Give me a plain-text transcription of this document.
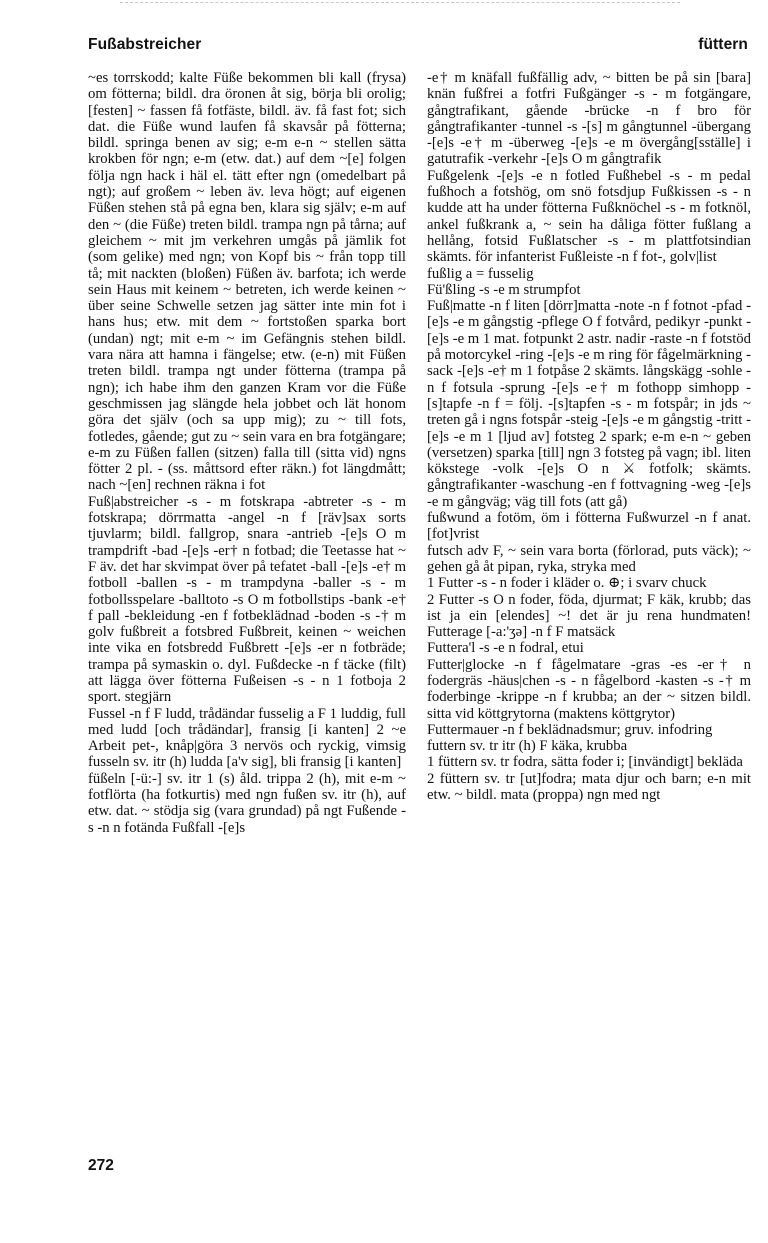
Fußabstreicher	füttern

~es torrskodd; kalte Füße bekommen bli kall (frysa) om fötterna; bildl. dra öronen åt sig, börja bli orolig; [festen] ~ fassen få fotfäste, bildl. äv. få fast fot; sich dat. die Füße wund laufen få skavsår på fötterna; bildl. springa benen av sig; e-m e-n ~ stellen sätta krokben för ngn; e-m (etw. dat.) auf dem ~[e] folgen följa ngn hack i häl el. tätt efter ngn (omedelbart på ngt); auf großem ~ leben äv. leva högt; auf eigenen Füßen stehen stå på egna ben, klara sig själv; e-m auf den ~ (die Füße) treten bildl. trampa ngn på tårna; auf gleichem ~ mit jm verkehren umgås på jämlik fot (som gelike) med ngn; von Kopf bis ~ från topp till tå; mit nackten (bloßen) Füßen äv. barfota; ich werde sein Haus mit keinem ~ betreten, ich werde keinen ~ über seine Schwelle setzen jag sätter inte min fot i hans hus; etw. mit dem ~ fortstoßen sparka bort (undan) ngt; mit e-m ~ im Gefängnis stehen bildl. vara nära att hamna i fängelse; etw. (e-n) mit Füßen treten bildl. trampa ngt under fötterna (trampa på ngn); ich habe ihm den ganzen Kram vor die Füße geschmissen jag slängde hela jobbet och lät honom göra det själv (och sa upp mig); zu ~ till fots, fotledes, gående; gut zu ~ sein vara en bra fotgängare; e-m zu Füßen fallen (sitzen) falla till (sitta vid) ngns fötter 2 pl. - (ss. måttsord efter räkn.) fot längdmått; nach ~[en] rechnen räkna i fot

Fuß|abstreicher -s - m fotskrapa -abtreter -s - m fotskrapa; dörrmatta -angel -n f [räv]sax sorts tjuvlarm; bildl. fallgrop, snara -antrieb -[e]s O m trampdrift -bad -[e]s -er† n fotbad; die Teetasse hat ~ F äv. det har skvimpat över på tefatet -ball -[e]s -e† m fotboll -ballen -s - m trampdyna -baller -s - m fotbollsspelare -balltoto -s O m fotbollstips -bank -e† f pall -bekleidung -en f fotbeklädnad -boden -s -† m golv fußbreit a fotsbred Fußbreit, keinen ~ weichen inte vika en fotsbredd Fußbrett -[e]s -er n fotbräde; trampa på symaskin o. dyl. Fußdecke -n f täcke (filt) att lägga över fötterna Fußeisen -s - n 1 fotboja 2 sport. stegjärn

Fussel -n f F ludd, trådändar fusselig a F 1 luddig, full med ludd [och trådändar], fransig [i kanten] 2 ~e Arbeit pet-, knåp|göra 3 nervös och ryckig, vimsig fusseln sv. itr (h) ludda [a'v sig], bli fransig [i kanten]

füßeln [-ü:-] sv. itr 1 (s) åld. trippa 2 (h), mit e-m ~ fotflörta (ha fotkurtis) med ngn fußen sv. itr (h), auf etw. dat. ~ stödja sig (vara grundad) på ngt Fußende -s -n n fotända Fußfall -[e]s

-e† m knäfall fußfällig adv, ~ bitten be på sin [bara] knän fußfrei a fotfri Fußgänger -s - m fotgängare, gångtrafikant, gående -brücke -n f bro för gångtrafikanter -tunnel -s -[s] m gångtunnel -übergang -[e]s -e† m -überweg -[e]s -e m övergång[sställe] i gatutrafik -verkehr -[e]s O m gångtrafik

Fußgelenk -[e]s -e n fotled Fußhebel -s - m pedal fußhoch a fotshög, om snö fotsdjup Fußkissen -s - n kudde att ha under fötterna Fußknöchel -s - m fotknöl, ankel fußkrank a, ~ sein ha dåliga fötter fußlang a hellång, fotsid Fußlatscher -s - m plattfotsindian skämts. för infanterist Fußleiste -n f fot-, golv|list

fußlig a = fusselig

Fü'ßling -s -e m strumpfot

Fuß|matte -n f liten [dörr]matta -note -n f fotnot -pfad -[e]s -e m gångstig -pflege O f fotvård, pedikyr -punkt -[e]s -e m 1 mat. fotpunkt 2 astr. nadir -raste -n f fotstöd på motorcykel -ring -[e]s -e m ring för fågelmärkning -sack -[e]s -e† m 1 fotpåse 2 skämts. långskägg -sohle -n f fotsula -sprung -[e]s -e† m fothopp simhopp -[s]tapfe -n f = följ. -[s]tapfen -s - m fotspår; in jds ~ treten gå i ngns fotspår -steig -[e]s -e m gångstig -tritt -[e]s -e m 1 [ljud av] fotsteg 2 spark; e-m e-n ~ geben (versetzen) sparka [till] ngn 3 fotsteg på vagn; ibl. liten kökstege -volk -[e]s O n ⚔ fotfolk; skämts. gångtrafikanter -waschung -en f fottvagning -weg -[e]s -e m gångväg; väg till fots (att gå)

fußwund a fotöm, öm i fötterna Fußwurzel -n f anat. [fot]vrist

futsch adv F, ~ sein vara borta (förlorad, puts väck); ~ gehen gå åt pipan, ryka, stryka med

1 Futter -s - n foder i kläder o. ⊕; i svarv chuck

2 Futter -s O n foder, föda, djurmat; F käk, krubb; das ist ja ein [elendes] ~! det är ju rena hundmaten! Futterage [-a:'ʒə] -n f F matsäck

Futtera'l -s -e n fodral, etui

Futter|glocke -n f fågelmatare -gras -es -er† n fodergräs -häus|chen -s - n fågelbord -kasten -s -† m foderbinge -krippe -n f krubba; an der ~ sitzen bildl. sitta vid köttgrytorna (maktens köttgrytor)

Futtermauer -n f beklädnadsmur; gruv. infodring

futtern sv. tr itr (h) F käka, krubba

1 füttern sv. tr fodra, sätta foder i; [invändigt] beklädа

2 füttern sv. tr [ut]fodra; mata djur och barn; e-n mit etw. ~ bildl. mata (proppa) ngn med ngt

272
